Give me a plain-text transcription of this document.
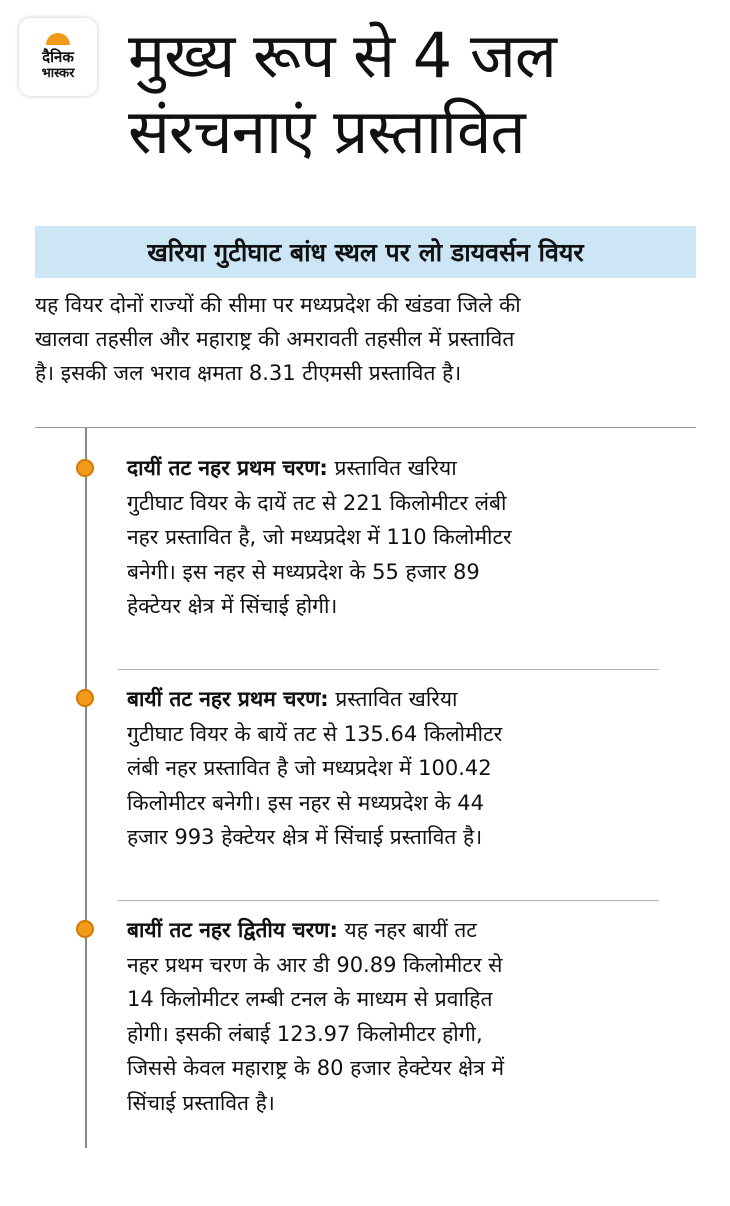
दैनिक
भास्कर मुख्य रूप से 4 जल
संरचनाएं प्रस्तावित
खरिया गुटीघाट बांध स्थल पर लो डायवर्सन वियर

यह वियर दोनों राज्यों की सीमा पर मध्यप्रदेश की खंडवा जिले की
खालवा तहसील और महाराष्ट्र की अमरावती तहसील में प्रस्तावित
है। इसकी जल भराव क्षमता 8.31 टीएमसी प्रस्तावित है।

दायीं तट नहर प्रथम चरण: प्रस्तावित खरिया
गुटीघाट वियर के दायें तट से 221 किलोमीटर लंबी
नहर प्रस्तावित है, जो मध्यप्रदेश में 110 किलोमीटर
बनेगी। इस नहर से मध्यप्रदेश के 55 हजार 89
हेक्टेयर क्षेत्र में सिंचाई होगी।

बायीं तट नहर प्रथम चरण: प्रस्तावित खरिया
गुटीघाट वियर के बायें तट से 135.64 किलोमीटर
लंबी नहर प्रस्तावित है जो मध्यप्रदेश में 100.42
किलोमीटर बनेगी। इस नहर से मध्यप्रदेश के 44
हजार 993 हेक्टेयर क्षेत्र में सिंचाई प्रस्तावित है।

बायीं तट नहर द्वितीय चरण: यह नहर बायीं तट
नहर प्रथम चरण के आर डी 90.89 किलोमीटर से
14 किलोमीटर लम्बी टनल के माध्यम से प्रवाहित
होगी। इसकी लंबाई 123.97 किलोमीटर होगी,
जिससे केवल महाराष्ट्र के 80 हजार हेक्टेयर क्षेत्र में
सिंचाई प्रस्तावित है।
